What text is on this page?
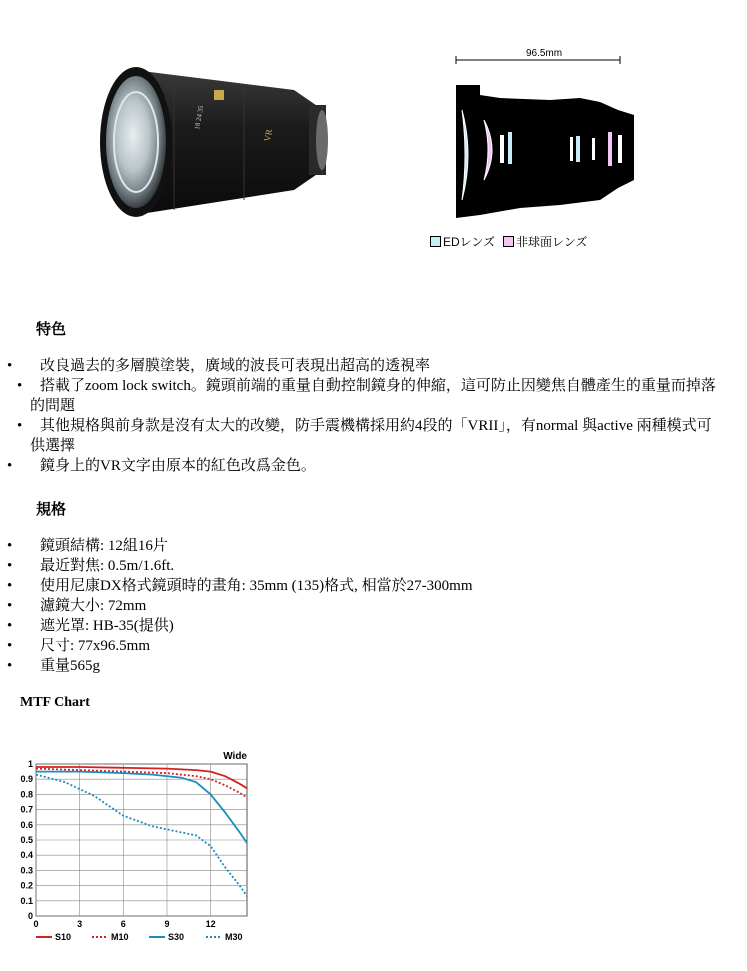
18 24 35
VR
96.5mm
EDレンズ	非球面レンズ
特色
• 改良過去的多層膜塗裝，廣域的波長可表現出超高的透視率
• 搭載了zoom lock switch。鏡頭前端的重量自動控制鏡身的伸縮，這可防止因變焦自體產生的重量而掉落的問題
• 其他規格與前身款是沒有太大的改變，防手震機構採用約4段的「VRII」，有normal 與active 兩種模式可供選擇
• 鏡身上的VR文字由原本的紅色改爲金色。
規格
• 鏡頭結構: 12組16片
• 最近對焦: 0.5m/1.6ft.
• 使用尼康DX格式鏡頭時的畫角: 35mm (135)格式, 相當於27-300mm
• 濾鏡大小: 72mm
• 遮光罩: HB-35(提供)
• 尺寸: 77x96.5mm
• 重量565g
MTF Chart
0
0.1
0.2
0.3
0.4
0.5
0.6
0.7
0.8
0.9
1
0	3	6	9	12
Wide
S10	M10	S30	M30
